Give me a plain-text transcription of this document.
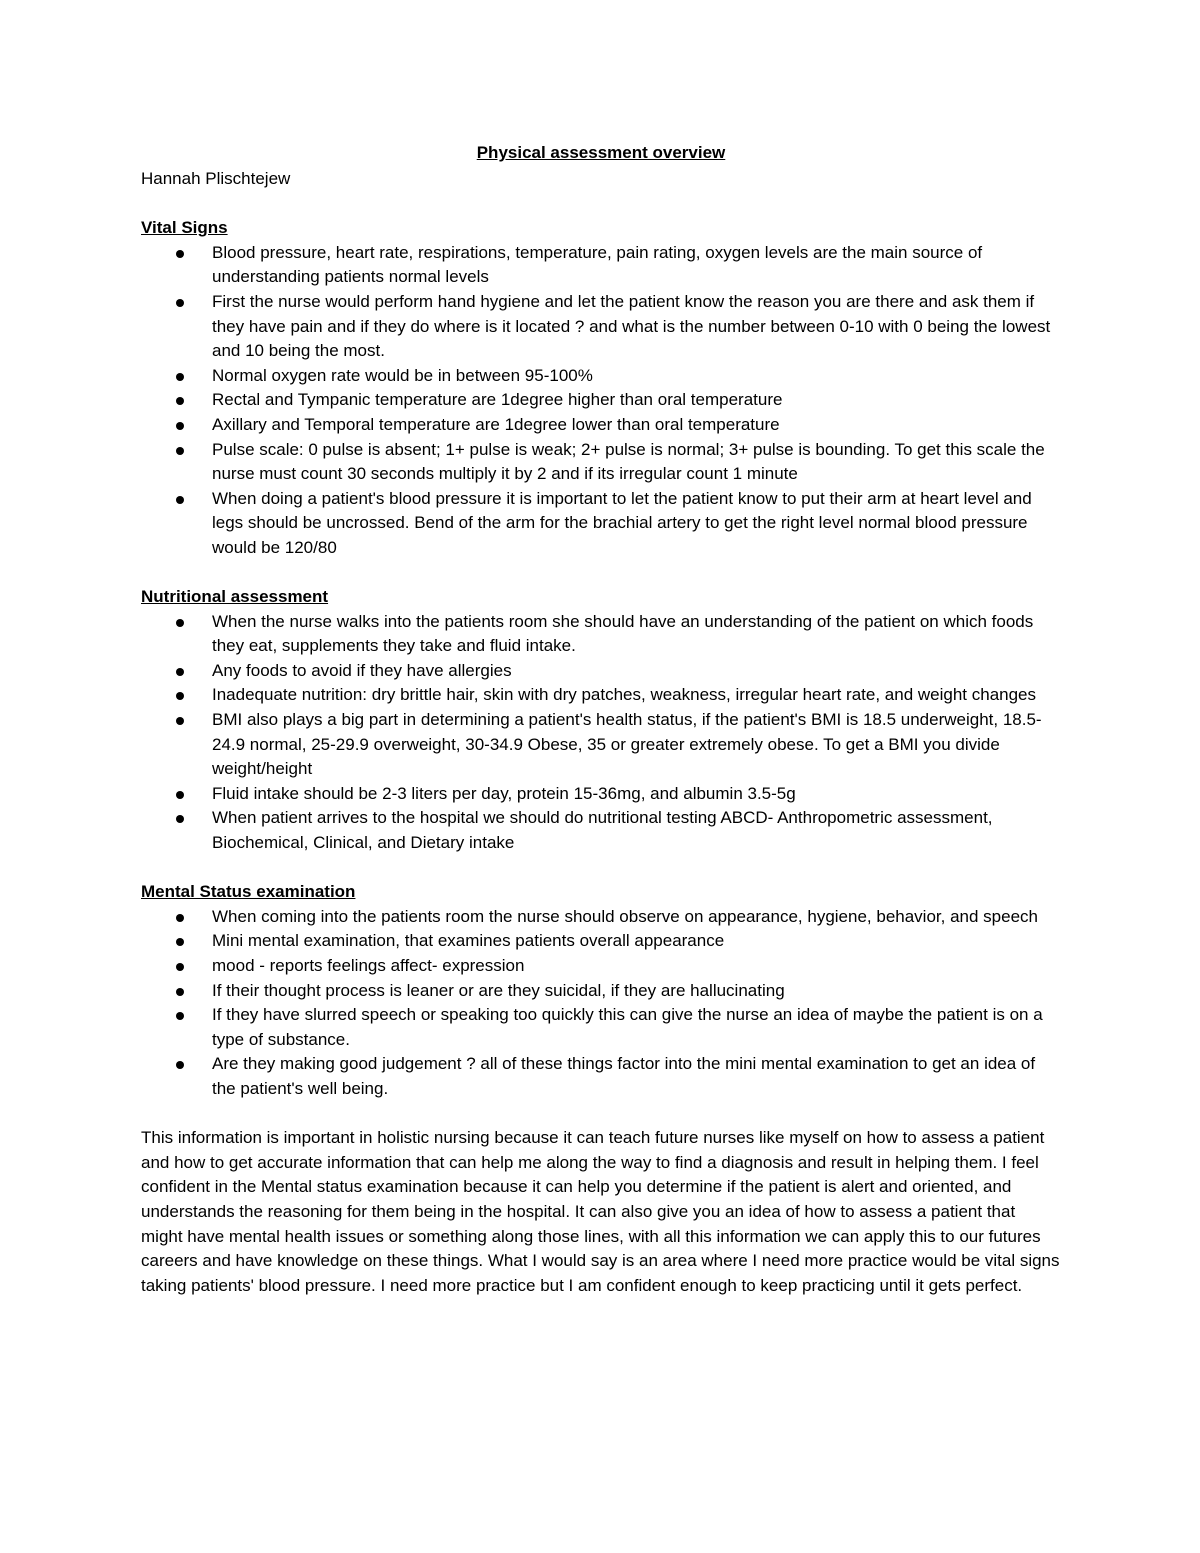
Physical assessment overview

Hannah Plischtejew

Vital Signs

Blood pressure, heart rate, respirations, temperature, pain rating, oxygen levels are the main source of understanding patients normal levels
First the nurse would perform hand hygiene and let the patient know the reason you are there and ask them if they have pain and if they do where is it located ? and what is the number between 0-10 with 0 being the lowest and 10 being the most.
Normal oxygen rate would be in between 95-100%
Rectal and Tympanic temperature are 1degree higher than oral temperature
Axillary and Temporal temperature are 1degree lower than oral temperature
Pulse scale: 0 pulse is absent; 1+ pulse is weak; 2+ pulse is normal; 3+ pulse is bounding. To get this scale the nurse must count 30 seconds multiply it by 2 and if its irregular count 1 minute
When doing a patient's blood pressure it is important to let the patient know to put their arm at heart level and legs should be uncrossed. Bend of the arm for the brachial artery to get the right level normal blood pressure would be 120/80

Nutritional assessment

When the nurse walks into the patients room she should have an understanding of the patient on which foods they eat, supplements they take and fluid intake.
Any foods to avoid if they have allergies
Inadequate nutrition: dry brittle hair, skin with dry patches, weakness, irregular heart rate, and weight changes
BMI also plays a big part in determining a patient's health status, if the patient's BMI is 18.5 underweight, 18.5-24.9 normal, 25-29.9 overweight, 30-34.9 Obese, 35 or greater extremely obese. To get a BMI you divide weight/height
Fluid intake should be 2-3 liters per day, protein 15-36mg, and albumin 3.5-5g
When patient arrives to the hospital we should do nutritional testing ABCD- Anthropometric assessment, Biochemical, Clinical, and Dietary intake

Mental Status examination

When coming into the patients room the nurse should observe on appearance, hygiene, behavior, and speech
Mini mental examination, that examines patients overall appearance
mood - reports feelings affect- expression
If their thought process is leaner or are they suicidal, if they are hallucinating
If they have slurred speech or speaking too quickly this can give the nurse an idea of maybe the patient is on a type of substance.
Are they making good judgement ? all of these things factor into the mini mental examination to get an idea of the patient's well being.

This information is important in holistic nursing because it can teach future nurses like myself on how to assess a patient and how to get accurate information that can help me along the way to find a diagnosis and result in helping them. I feel confident in the Mental status examination because it can help you determine if the patient is alert and oriented, and understands the reasoning for them being in the hospital. It can also give you an idea of how to assess a patient that might have mental health issues or something along those lines, with all this information we can apply this to our futures careers and have knowledge on these things. What I would say is an area where I need more practice would be vital signs taking patients' blood pressure. I need more practice but I am confident enough to keep practicing until it gets perfect.
